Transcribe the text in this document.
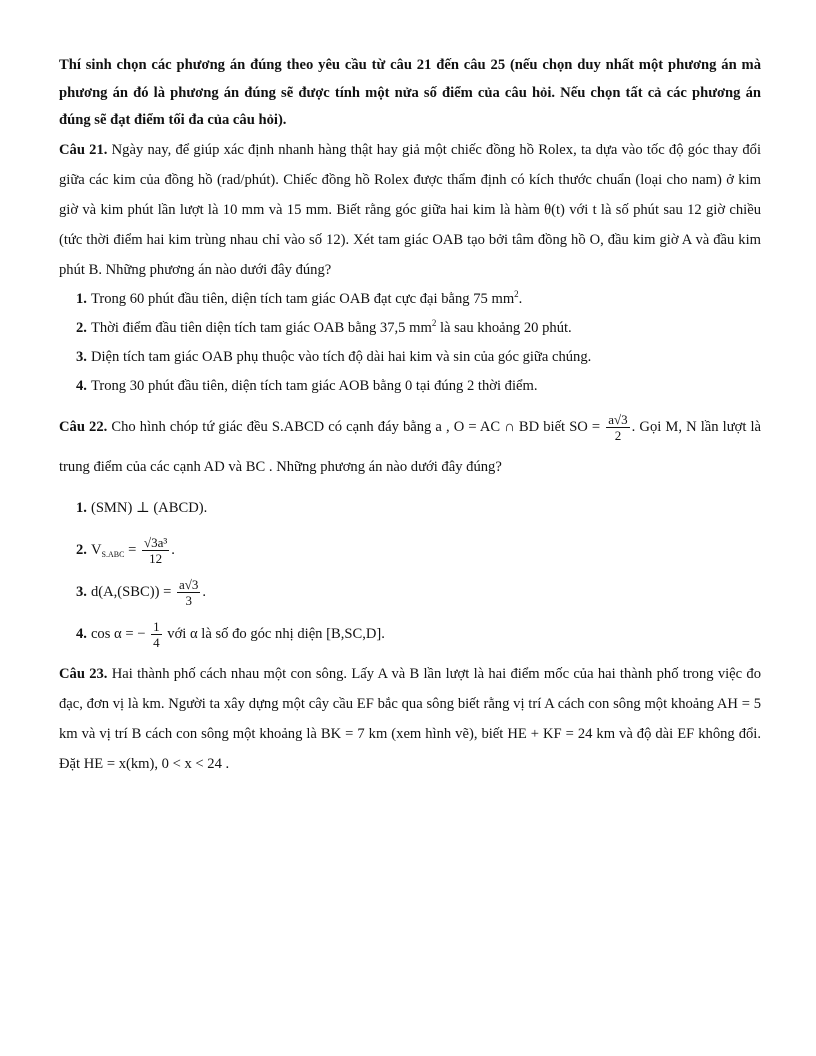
Thí sinh chọn các phương án đúng theo yêu cầu từ câu 21 đến câu 25 (nếu chọn duy nhất một phương án mà phương án đó là phương án đúng sẽ được tính một nửa số điểm của câu hỏi. Nếu chọn tất cả các phương án đúng sẽ đạt điểm tối đa của câu hỏi).

Câu 21. Ngày nay, để giúp xác định nhanh hàng thật hay giả một chiếc đồng hồ Rolex, ta dựa vào tốc độ góc thay đổi giữa các kim của đồng hồ (rad/phút). Chiếc đồng hồ Rolex được thẩm định có kích thước chuẩn (loại cho nam) ở kim giờ và kim phút lần lượt là 10 mm và 15 mm. Biết rằng góc giữa hai kim là hàm θ(t) với t là số phút sau 12 giờ chiều (tức thời điểm hai kim trùng nhau chỉ vào số 12). Xét tam giác OAB tạo bởi tâm đồng hồ O, đầu kim giờ A và đầu kim phút B. Những phương án nào dưới đây đúng?

1. Trong 60 phút đầu tiên, diện tích tam giác OAB đạt cực đại bằng 75 $mm^2$.
2. Thời điểm đầu tiên diện tích tam giác OAB bằng 37,5 $mm^2$ là sau khoảng 20 phút.
3. Diện tích tam giác OAB phụ thuộc vào tích độ dài hai kim và sin của góc giữa chúng.
4. Trong 30 phút đầu tiên, diện tích tam giác AOB bằng 0 tại đúng 2 thời điểm.

Câu 22. Cho hình chóp tứ giác đều S.ABCD có cạnh đáy bằng a , O = AC ∩ BD biết SO = $\frac{a√3}{2}$ . Gọi M, N lần lượt là trung điểm của các cạnh AD và BC . Những phương án nào dưới đây đúng?

1. (SMN) ⊥ (ABCD).
2. $V_{S.ABC} = \frac{\text{√3a³}}{12}$ .
3. $d(A,(SBC)) = \frac{a√3}{3}$ .
4. cos α = − $\frac{1}{4}$ với α là số đo góc nhị diện [B,SC,D].

Câu 23. Hai thành phố cách nhau một con sông. Lấy A và B lần lượt là hai điểm mốc của hai thành phố trong việc đo đạc, đơn vị là km. Người ta xây dựng một cây cầu EF bắc qua sông biết rằng vị trí A cách con sông một khoảng AH = 5 km và vị trí B cách con sông một khoảng là BK = 7 km (xem hình vẽ), biết HE + KF = 24 km và độ dài EF không đổi. Đặt HE = x(km), 0 < x < 24 .
